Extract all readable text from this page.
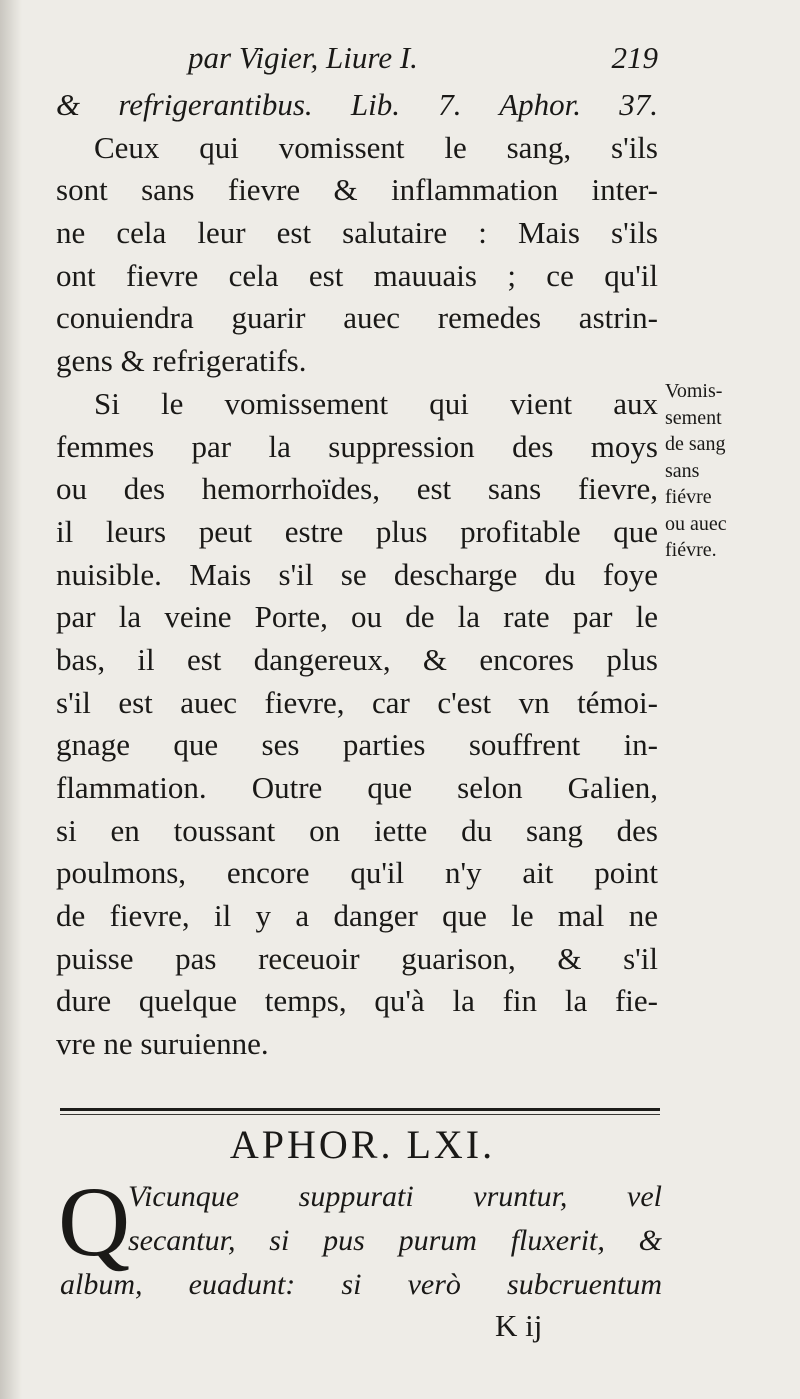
par Vigier, Liure I.	219
& refrigerantibus. Lib. 7. Aphor. 37.
Ceux qui vomissent le sang, s'ils
sont sans fievre & inflammation inter-
ne cela leur est salutaire : Mais s'ils
ont fievre cela est mauuais ; ce qu'il
conuiendra guarir auec remedes astrin-
gens & refrigeratifs.
Si le vomissement qui vient aux
femmes par la suppression des moys
ou des hemorrhoïdes, est sans fievre,
il leurs peut estre plus profitable que
nuisible. Mais s'il se descharge du foye
par la veine Porte, ou de la rate par le
bas, il est dangereux, & encores plus
s'il est auec fievre, car c'est vn témoi-
gnage que ses parties souffrent in-
flammation. Outre que selon Galien,
si en toussant on iette du sang des
poulmons, encore qu'il n'y ait point
de fievre, il y a danger que le mal ne
puisse pas receuoir guarison, & s'il
dure quelque temps, qu'à la fin la fie-
vre ne suruienne.
Vomis-
sement
de sang
sans
fiévre
ou auec
fiévre.
APHOR. LXI.
Q
Vicunque suppurati vruntur, vel
secantur, si pus purum fluxerit, &
album, euadunt: si verò subcruentum
K ij
